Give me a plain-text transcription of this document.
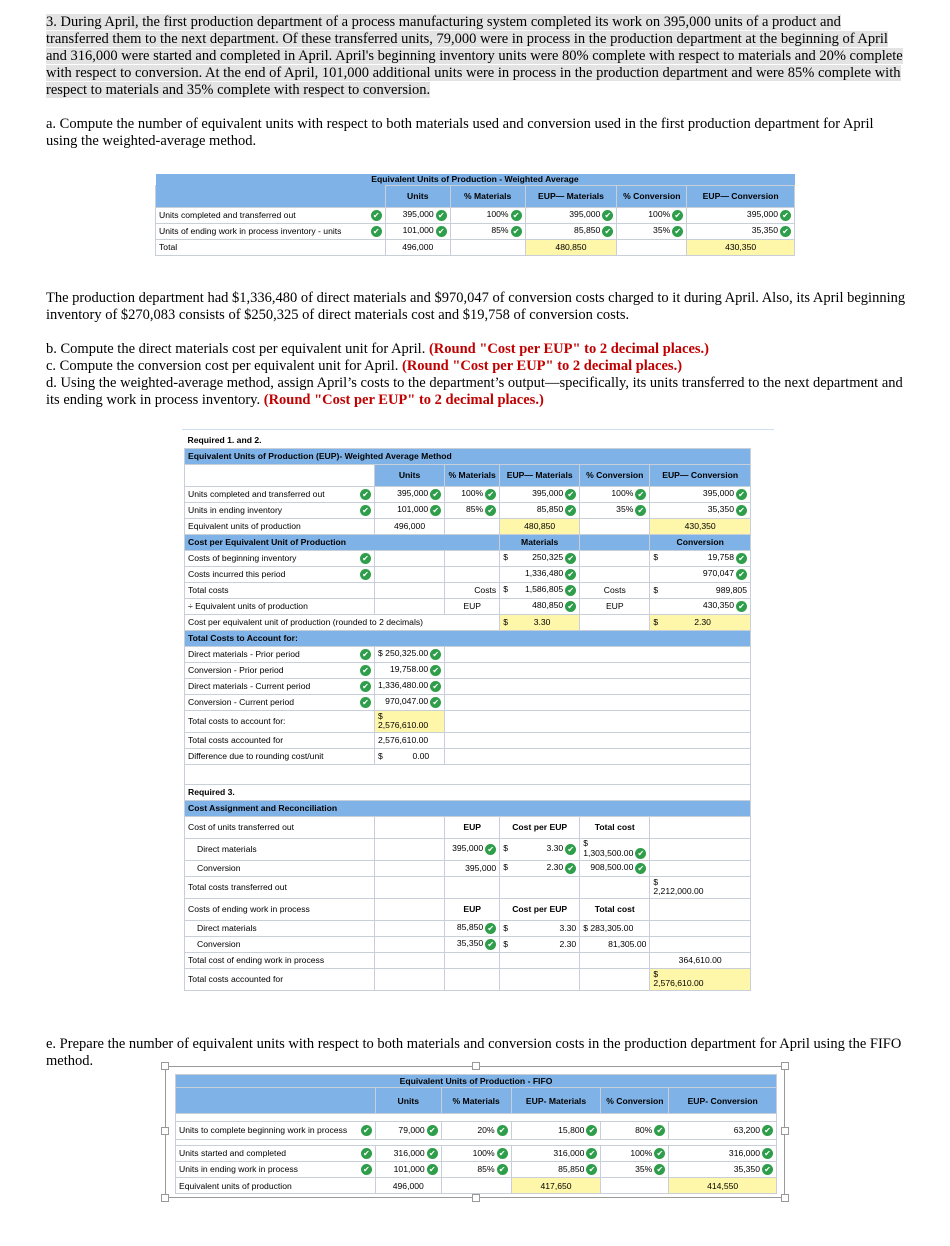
3. During April, the first production department of a process manufacturing system completed its work on 395,000 units of a product and transferred them to the next department. Of these transferred units, 79,000 were in process in the production department at the beginning of April and 316,000 were started and completed in April. April's beginning inventory units were 80% complete with respect to materials and 20% complete with respect to conversion. At the end of April, 101,000 additional units were in process in the production department and were 85% complete with respect to materials and 35% complete with respect to conversion.
a. Compute the number of equivalent units with respect to both materials used and conversion used in the first production department for April using the weighted-average method.
Equivalent Units of Production - Weighted Average					
	Units	% Materials	EUP— Materials	% Conversion	EUP— Conversion
Units completed and transferred out ✔	395,000 ✔	100% ✔	395,000 ✔	100% ✔	395,000 ✔
Units of ending work in process inventory - units ✔	101,000 ✔	85% ✔	85,850 ✔	35% ✔	35,350 ✔
Total	496,000		480,850		430,350
The production department had $1,336,480 of direct materials and $970,047 of conversion costs charged to it during April. Also, its April beginning inventory of $270,083 consists of $250,325 of direct materials cost and $19,758 of conversion costs.
b. Compute the direct materials cost per equivalent unit for April. (Round "Cost per EUP" to 2 decimal places.)
c. Compute the conversion cost per equivalent unit for April. (Round "Cost per EUP" to 2 decimal places.)
d. Using the weighted-average method, assign April’s costs to the department’s output—specifically, its units transferred to the next department and its ending work in process inventory. (Round "Cost per EUP" to 2 decimal places.)
Required 1. and 2.					
Equivalent Units of Production (EUP)- Weighted Average Method					
	Units	% Materials	EUP— Materials	% Conversion	EUP— Conversion
Units completed and transferred out ✔	395,000 ✔	100% ✔	395,000 ✔	100% ✔	395,000 ✔
Units in ending inventory ✔	101,000 ✔	85% ✔	85,850 ✔	35% ✔	35,350 ✔
Equivalent units of production	496,000		480,850		430,350
Cost per Equivalent Unit of Production			Materials		Conversion
Costs of beginning inventory ✔			$ 250,325 ✔		$ 19,758 ✔
Costs incurred this period ✔			1,336,480 ✔		970,047 ✔
Total costs		Costs	$ 1,586,805 ✔	Costs	$ 989,805
÷ Equivalent units of production		EUP	480,850 ✔	EUP	430,350 ✔
Cost per equivalent unit of production (rounded to 2 decimals)			$ 3.30		$ 2.30
Total Costs to Account for:					
Direct materials - Prior period ✔	$ 250,325.00 ✔				
Conversion - Prior period ✔	19,758.00 ✔				
Direct materials - Current period ✔	1,336,480.00 ✔				
Conversion - Current period ✔	970,047.00 ✔				
Total costs to account for:	$
2,576,610.00				

Total costs accounted for	2,576,610.00				
Difference due to rounding cost/unit	$ 0.00				

Required 3.					
Cost Assignment and Reconciliation					
Cost of units transferred out		EUP	Cost per EUP	Total cost	
Direct materials		395,000 ✔	$ 3.30 ✔	$
1,303,500.00 ✔	
Conversion		395,000	$ 2.30 ✔	908,500.00 ✔	
Total costs transferred out					$
2,212,000.00

Costs of ending work in process		EUP	Cost per EUP	Total cost	
Direct materials		85,850 ✔	$ 3.30	$ 283,305.00	
Conversion		35,350 ✔	$ 2.30	81,305.00	
Total cost of ending work in process					364,610.00
Total costs accounted for					$
2,576,610.00
e. Prepare the number of equivalent units with respect to both materials and conversion costs in the production department for April using the FIFO method.
Equivalent Units of Production - FIFO					
	Units	% Materials	EUP- Materials	% Conversion	EUP- Conversion

Units to complete beginning work in process ✔	79,000 ✔	20% ✔	15,800 ✔	80% ✔	63,200 ✔

Units started and completed ✔	316,000 ✔	100% ✔	316,000 ✔	100% ✔	316,000 ✔
Units in ending work in process ✔	101,000 ✔	85% ✔	85,850 ✔	35% ✔	35,350 ✔
Equivalent units of production	496,000		417,650		414,550
